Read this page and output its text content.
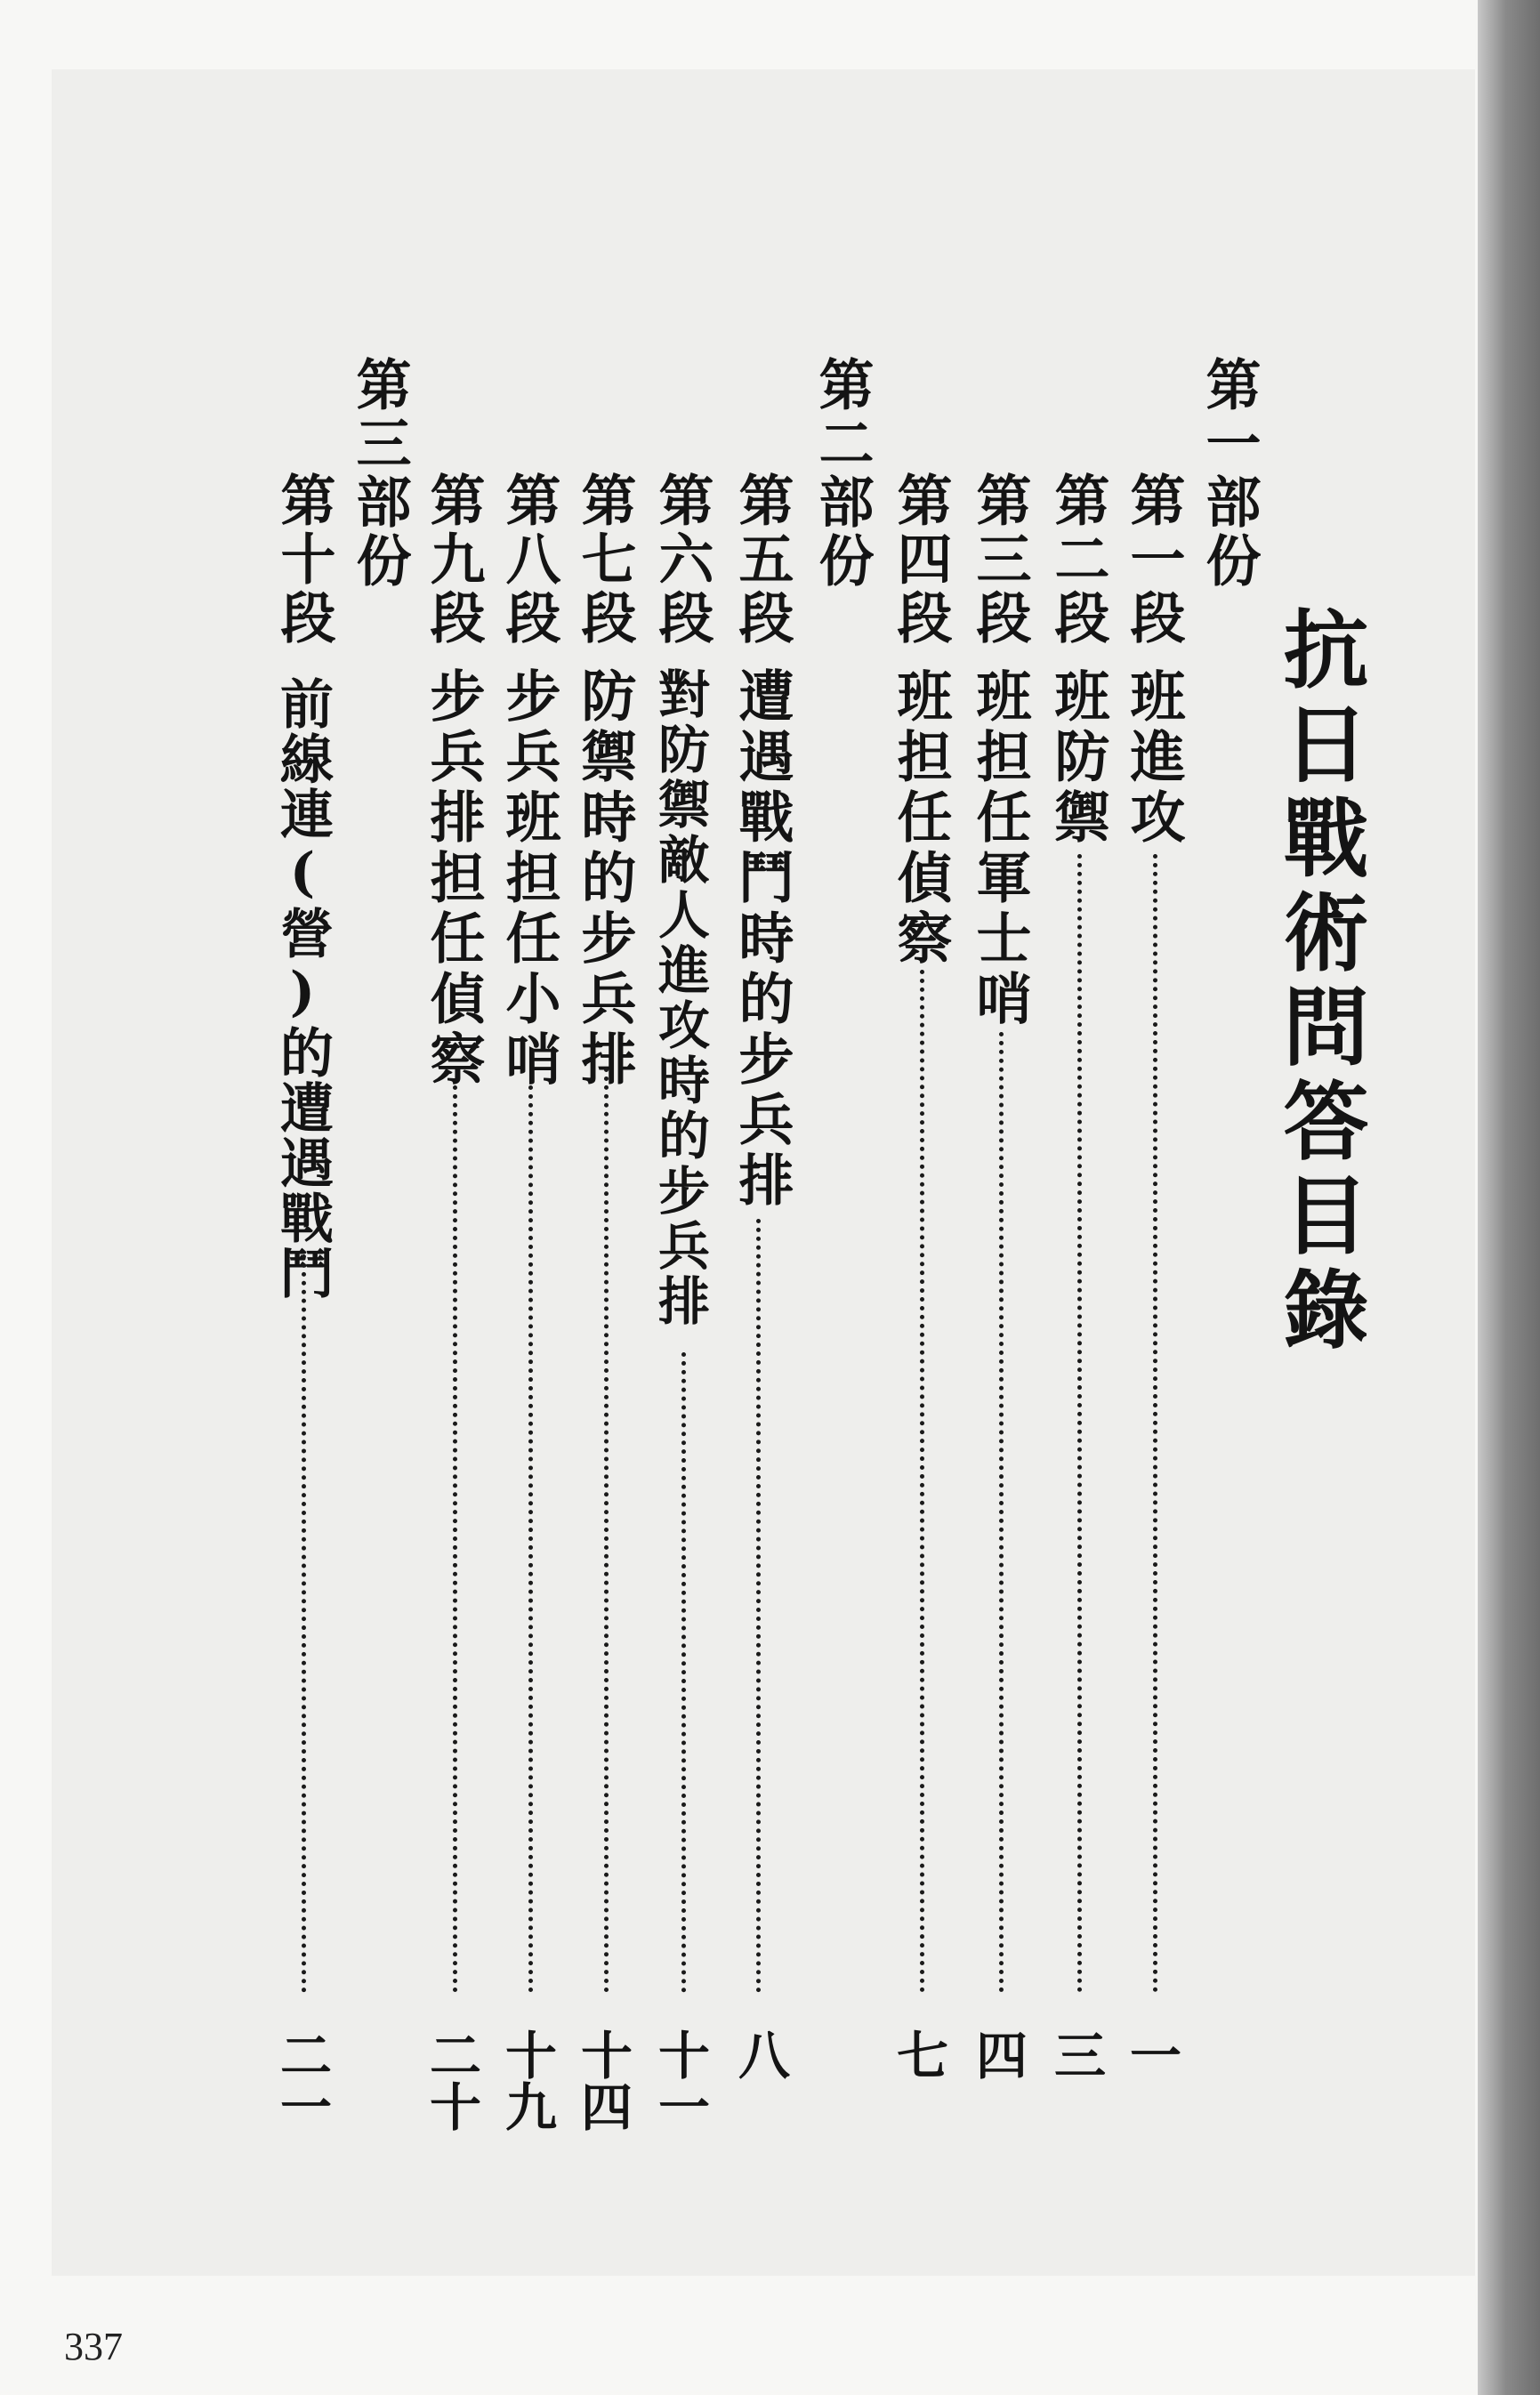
抗日戰術問答目錄
第一部份
第二部份
第三部份	第一段
班進攻
一
第二段
班防禦
三
第三段
班担任軍士哨
四
第四段
班担任偵察
七
第五段
遭遇戰鬥時的步兵排
八
第六段
對防禦敵人進攻時的步兵排
十一
第七段
防禦時的步兵排
十四
第八段
步兵班担任小哨
十九
第九段
步兵排担任偵察
二十
第十段
前線連(營)的遭遇戰鬥
二一
337
